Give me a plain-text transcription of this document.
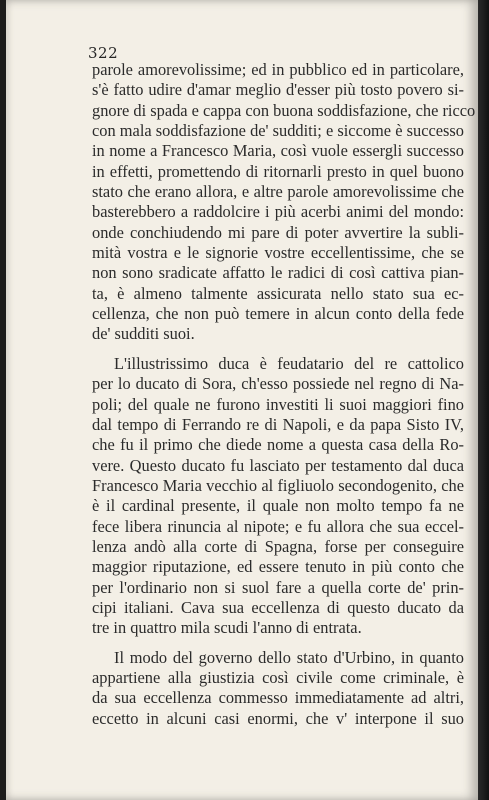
322
parole amorevolissime; ed in pubblico ed in particolare,
s'è fatto udire d'amar meglio d'esser più tosto povero si-
gnore di spada e cappa con buona soddisfazione, che ricco
con mala soddisfazione de' sudditi; e siccome è successo
in nome a Francesco Maria, così vuole essergli successo
in effetti, promettendo di ritornarli presto in quel buono
stato che erano allora, e altre parole amorevolissime che
basterebbero a raddolcire i più acerbi animi del mondo:
onde conchiudendo mi pare di poter avvertire la subli-
mità vostra e le signorie vostre eccellentissime, che se
non sono sradicate affatto le radici di così cattiva pian-
ta, è almeno talmente assicurata nello stato sua ec-
cellenza, che non può temere in alcun conto della fede
de' sudditi suoi.
L'illustrissimo duca è feudatario del re cattolico
per lo ducato di Sora, ch'esso possiede nel regno di Na-
poli; del quale ne furono investiti li suoi maggiori fino
dal tempo di Ferrando re di Napoli, e da papa Sisto IV,
che fu il primo che diede nome a questa casa della Ro-
vere. Questo ducato fu lasciato per testamento dal duca
Francesco Maria vecchio al figliuolo secondogenito, che
è il cardinal presente, il quale non molto tempo fa ne
fece libera rinuncia al nipote; e fu allora che sua eccel-
lenza andò alla corte di Spagna, forse per conseguire
maggior riputazione, ed essere tenuto in più conto che
per l'ordinario non si suol fare a quella corte de' prin-
cipi italiani. Cava sua eccellenza di questo ducato da
tre in quattro mila scudi l'anno di entrata.
Il modo del governo dello stato d'Urbino, in quanto
appartiene alla giustizia così civile come criminale, è
da sua eccellenza commesso immediatamente ad altri,
eccetto in alcuni casi enormi, che v' interpone il suo
